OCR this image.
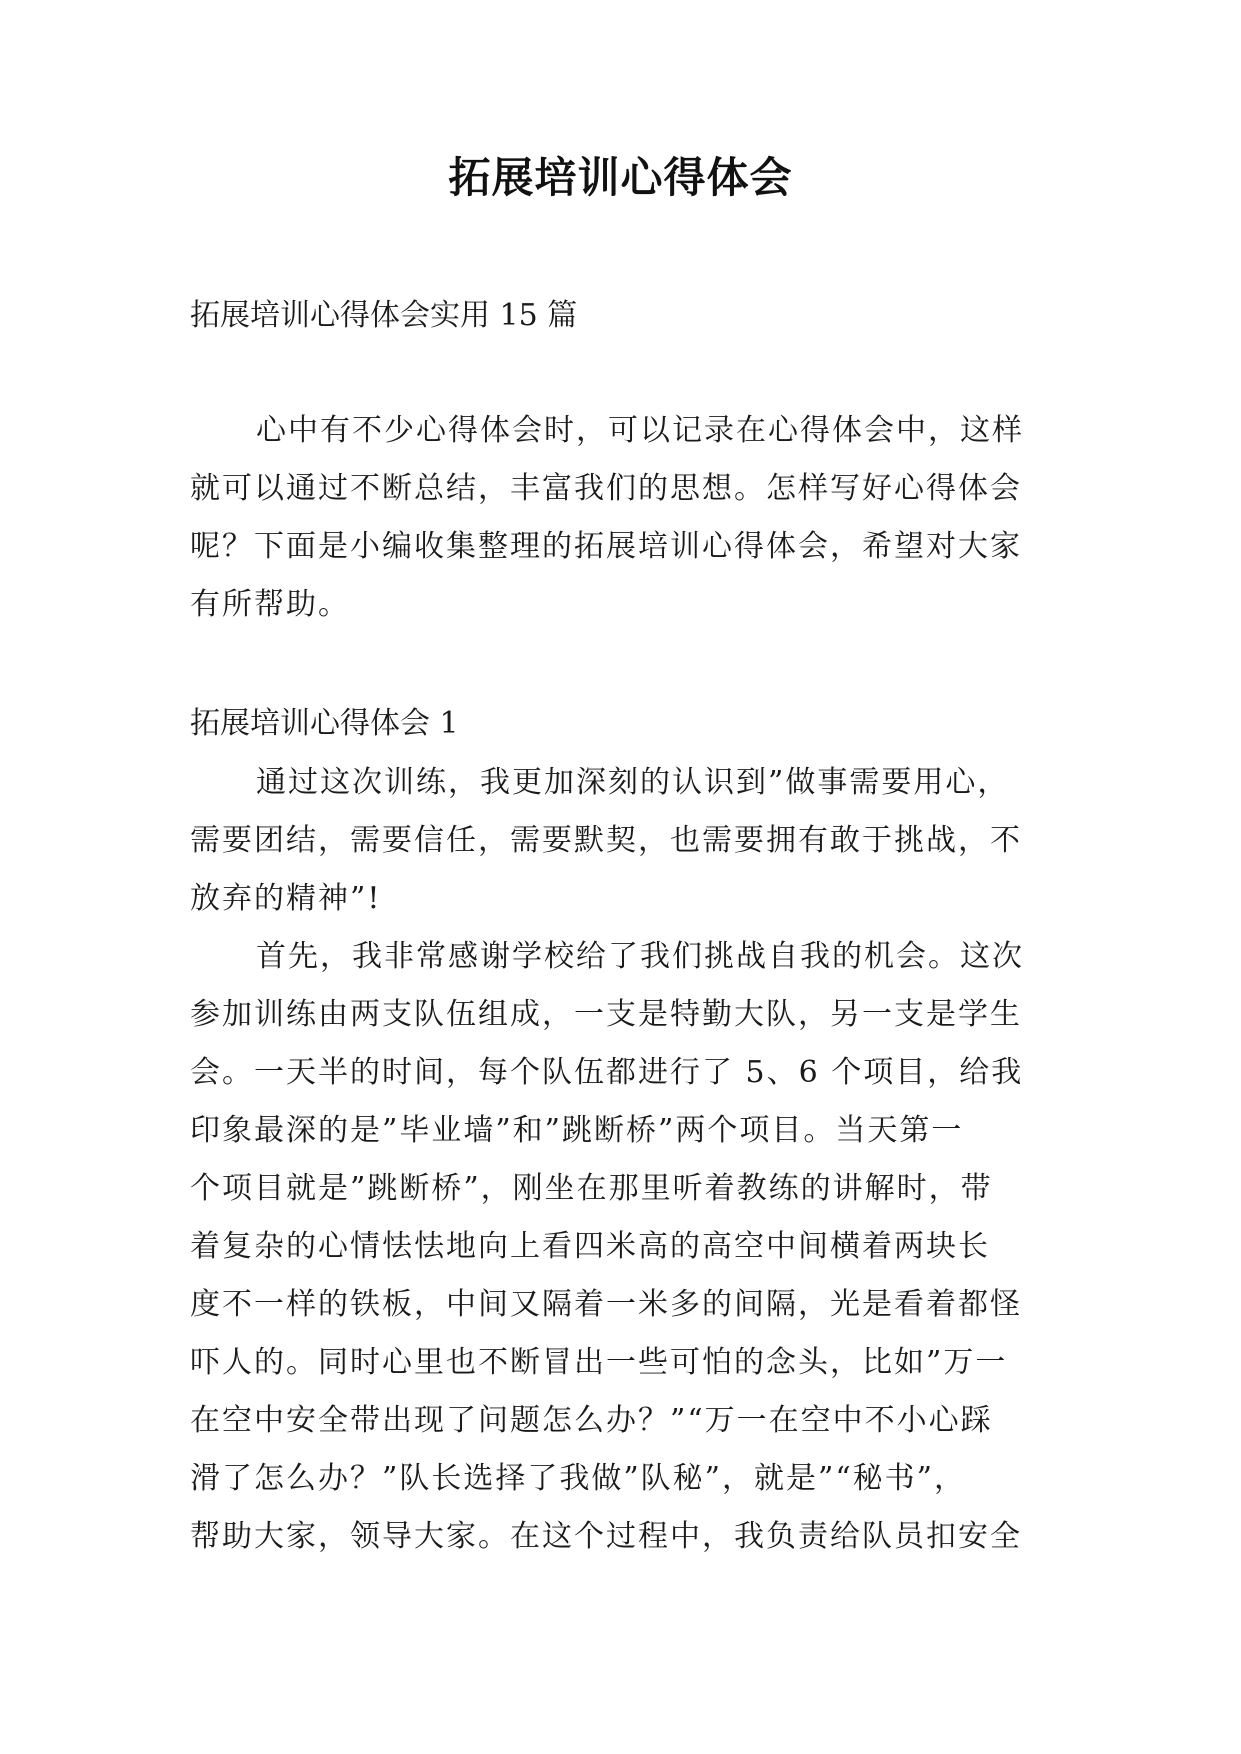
拓展培训心得体会
拓展培训心得体会实用 15 篇
心中有不少心得体会时，可以记录在心得体会中，这样
就可以通过不断总结，丰富我们的思想。怎样写好心得体会
呢？下面是小编收集整理的拓展培训心得体会，希望对大家
有所帮助。
拓展培训心得体会 1
通过这次训练，我更加深刻的认识到”做事需要用心，
需要团结，需要信任，需要默契，也需要拥有敢于挑战，不
放弃的精神”!
首先，我非常感谢学校给了我们挑战自我的机会。这次
参加训练由两支队伍组成，一支是特勤大队，另一支是学生
会。一天半的时间，每个队伍都进行了 5、6 个项目，给我
印象最深的是”毕业墙”和”跳断桥”两个项目。当天第一
个项目就是”跳断桥”，刚坐在那里听着教练的讲解时，带
着复杂的心情怯怯地向上看四米高的高空中间横着两块长
度不一样的铁板，中间又隔着一米多的间隔，光是看着都怪
吓人的。同时心里也不断冒出一些可怕的念头，比如”万一
在空中安全带出现了问题怎么办？”“万一在空中不小心踩
滑了怎么办？”队长选择了我做”队秘”，就是”“秘书”，
帮助大家，领导大家。在这个过程中，我负责给队员扣安全
